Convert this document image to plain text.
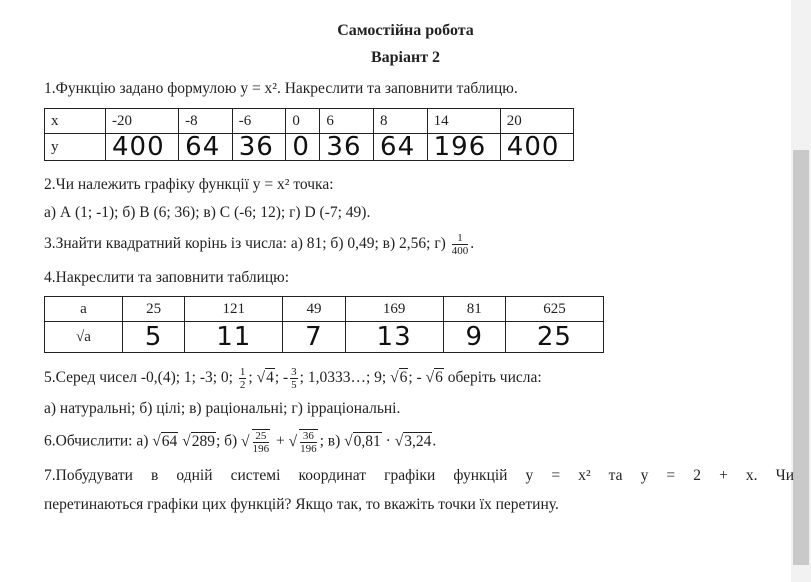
Самостійна робота
Варіант 2
1.Функцію задано формулою у = х². Накреслити та заповнити таблицю.
x	-20	-8	-6	0	6	8	14	20
y	400	64	36	0	36	64	196	400
2.Чи належить графіку функції у = х² точка:
а) А (1; -1); б) В (6; 36); в) С (-6; 12); г) D (-7; 49).
3.Знайти квадратний корінь із числа: а) 81; б) 0,49; в) 2,56; $г) \frac{1}{400}$ .
4.Накреслити та заповнити таблицю:
a	25	121	49	169	81	625
√a	5	11	7	13	9	25
5.Серед чисел -0,(4); 1; -3; 0; $\frac{1}{2}$ ; √4; - $\frac{3}{5}$ ; 1,0333…; 9; √6; - √6 оберіть числа:
а) натуральні; б) цілі; в) раціональні; г) ірраціональні.
6.Обчислити: а) √64 √289; б) √ $\frac{25}{196}$ + √ $\frac{36}{196}$ ; в) √0,81 · √3,24.
7.Побудувати в одній системі координат графіки функцій у = х² та у = 2 + х. Чи
перетинаються графіки цих функцій? Якщо так, то вкажіть точки їх перетину.
